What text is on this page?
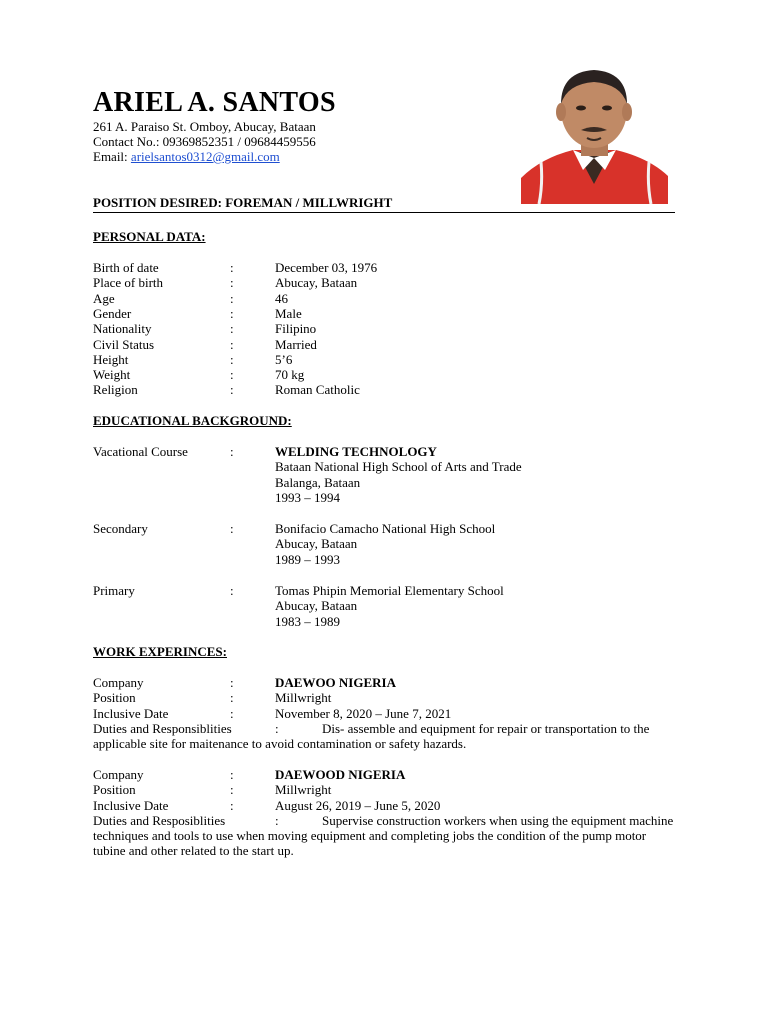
ARIEL A. SANTOS
261 A. Paraiso St. Omboy, Abucay, Bataan
Contact No.: 09369852351 / 09684459556
Email: arielsantos0312@gmail.com
POSITION DESIRED: FOREMAN / MILLWRIGHT
PERSONAL DATA:
Birth of date	:	December 03, 1976
Place of birth	:	Abucay, Bataan
Age	:	46
Gender	:	Male
Nationality	:	Filipino
Civil Status	:	Married
Height	:	5’6
Weight	:	70 kg
Religion	:	Roman Catholic
EDUCATIONAL BACKGROUND:
Vacational Course	:	WELDING TECHNOLOGY
Bataan National High School of Arts and Trade
Balanga, Bataan
1993 – 1994
Secondary	:	Bonifacio Camacho National High School
Abucay, Bataan
1989 – 1993
Primary	:	Tomas Phipin Memorial Elementary School
Abucay, Bataan
1983 – 1989
WORK EXPERINCES:
Company	:	DAEWOO NIGERIA
Position	:	Millwright
Inclusive Date	:	November 8, 2020 – June 7, 2021
Duties and Responsiblities	:	Dis- assemble and equipment for repair or transportation to the applicable site for maitenance to avoid contamination or safety hazards.
Company	:	DAEWOOD NIGERIA
Position	:	Millwright
Inclusive Date	:	August 26, 2019 – June 5, 2020
Duties and Resposiblities	:	Supervise construction workers when using the equipment machine techniques and tools to use when moving equipment and completing jobs the condition of the pump motor tubine and other related to the start up.
